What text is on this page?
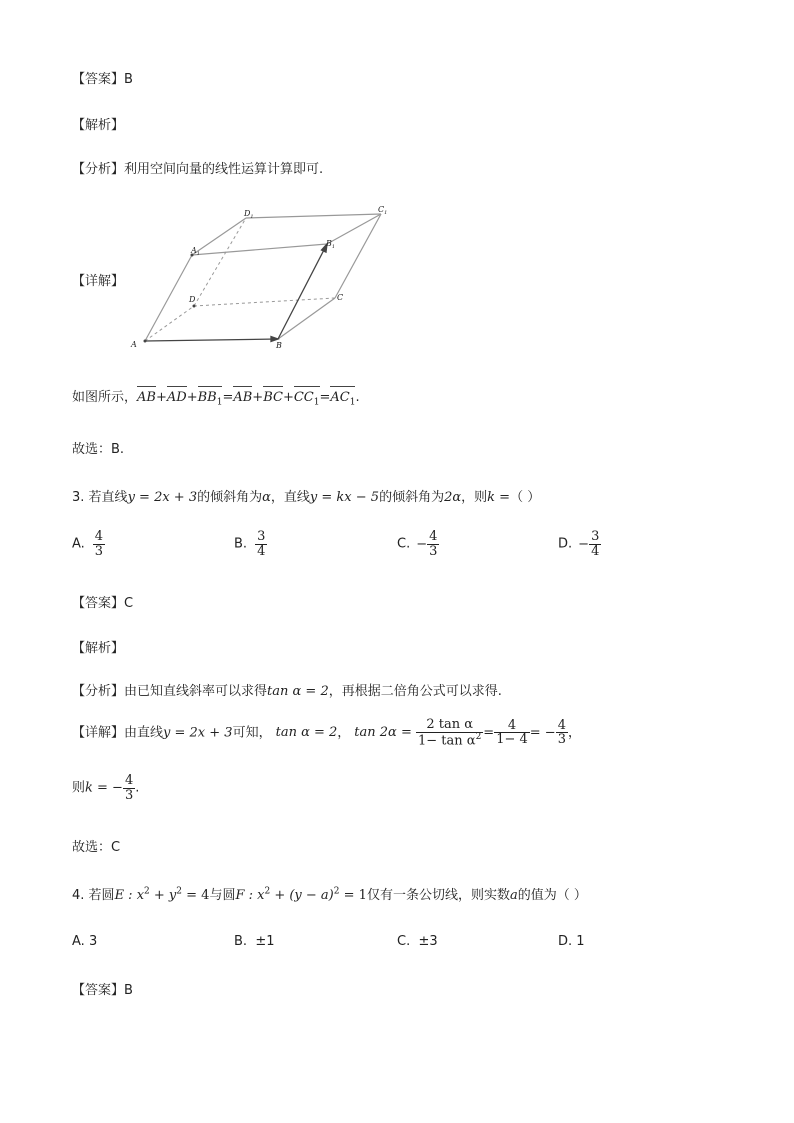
【答案】B
【解析】
【分析】利用空间向量的线性运算计算即可.
【详解】
A	B
C
D
$A_1$
$B_1$
$C_1$
$D_1$
如图所示，$AB+AD+BB_1=AB+BC+CC_1=AC_1$.
故选：B.
3. 若直线y = 2x + 3的倾斜角为α，直线y = kx − 5的倾斜角为2α，则k =（ ）
A. $\frac{4}{3}$	B. $\frac{3}{4}$	C. − $\frac{4}{3}$	D. − $\frac{3}{4}$
【答案】C
【解析】
【分析】由已知直线斜率可以求得tan α = 2，再根据二倍角公式可以求得.
【详解】由直线y = 2x + 3可知， tan α = 2， $\tan 2\alpha = \frac{\text{2 tan α}}{1- \tan \alpha^2} = \frac{4}{1- 4}$ = − $\frac{4}{3}$ ，
则k = − $\frac{4}{3}$ .
故选：C
4. 若圆E : $x^2 + y^2 = 4$与圆F : $x^2 + (y - a)^2 = 1$仅有一条公切线，则实数a的值为（ ）
A. 3	B. ±1	C. ±3	D. 1
【答案】B
